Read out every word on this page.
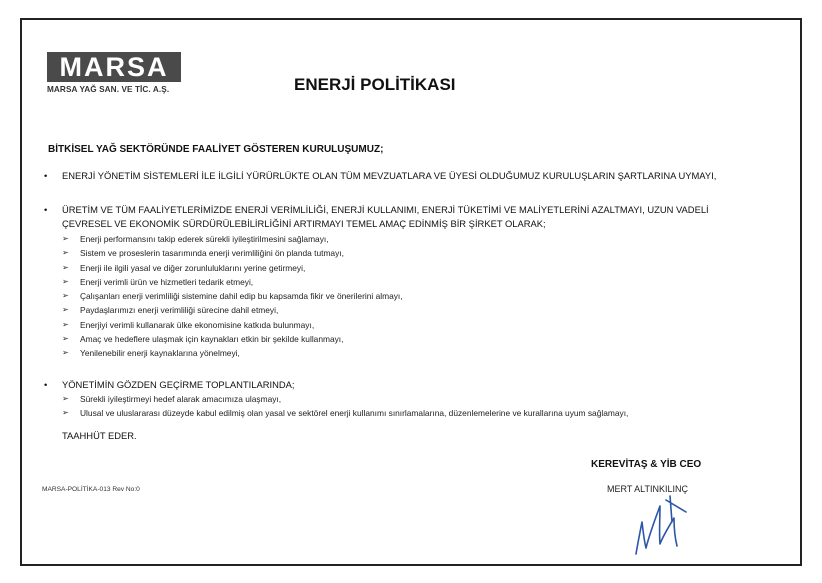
MARSA
MARSA YAĞ SAN. VE TİC. A.Ş.	ENERJİ POLİTİKASI
BİTKİSEL YAĞ SEKTÖRÜNDE FAALİYET GÖSTEREN KURULUŞUMUZ;
•	ENERJİ YÖNETİM SİSTEMLERİ İLE İLGİLİ YÜRÜRLÜKTE OLAN TÜM MEVZUATLARA VE ÜYESİ OLDUĞUMUZ KURULUŞLARIN ŞARTLARINA UYMAYI,
•	ÜRETİM VE TÜM FAALİYETLERİMİZDE ENERJİ VERİMLİLİĞİ, ENERJİ KULLANIMI, ENERJİ TÜKETİMİ VE MALİYETLERİNİ AZALTMAYI, UZUN VADELİ
ÇEVRESEL VE EKONOMİK SÜRDÜRÜLEBİLİRLİĞİNİ ARTIRMAYI TEMEL AMAÇ EDİNMİŞ BİR ŞİRKET OLARAK;
➢ Enerji performansını takip ederek sürekli iyileştirilmesini sağlamayı,
➢ Sistem ve proseslerin tasarımında enerji verimliliğini ön planda tutmayı,
➢ Enerji ile ilgili yasal ve diğer zorunluluklarını yerine getirmeyi,
➢ Enerji verimli ürün ve hizmetleri tedarik etmeyi,
➢ Çalışanları enerji verimliliği sistemine dahil edip bu kapsamda fikir ve önerilerini almayı,
➢ Paydaşlarımızı enerji verimliliği sürecine dahil etmeyi,
➢ Enerjiyi verimli kullanarak ülke ekonomisine katkıda bulunmayı,
➢ Amaç ve hedeflere ulaşmak için kaynakları etkin bir şekilde kullanmayı,
➢ Yenilenebilir enerji kaynaklarına yönelmeyi,
•	YÖNETİMİN GÖZDEN GEÇİRME TOPLANTILARINDA;
➢ Sürekli iyileştirmeyi hedef alarak amacımıza ulaşmayı,
➢ Ulusal ve uluslararası düzeyde kabul edilmiş olan yasal ve sektörel enerji kullanımı sınırlamalarına, düzenlemelerine ve kurallarına uyum sağlamayı,
TAAHHÜT EDER.
KEREVİTAŞ & YİB CEO
MARSA-POLİTİKA-013 Rev No:0	MERT ALTINKILINÇ
